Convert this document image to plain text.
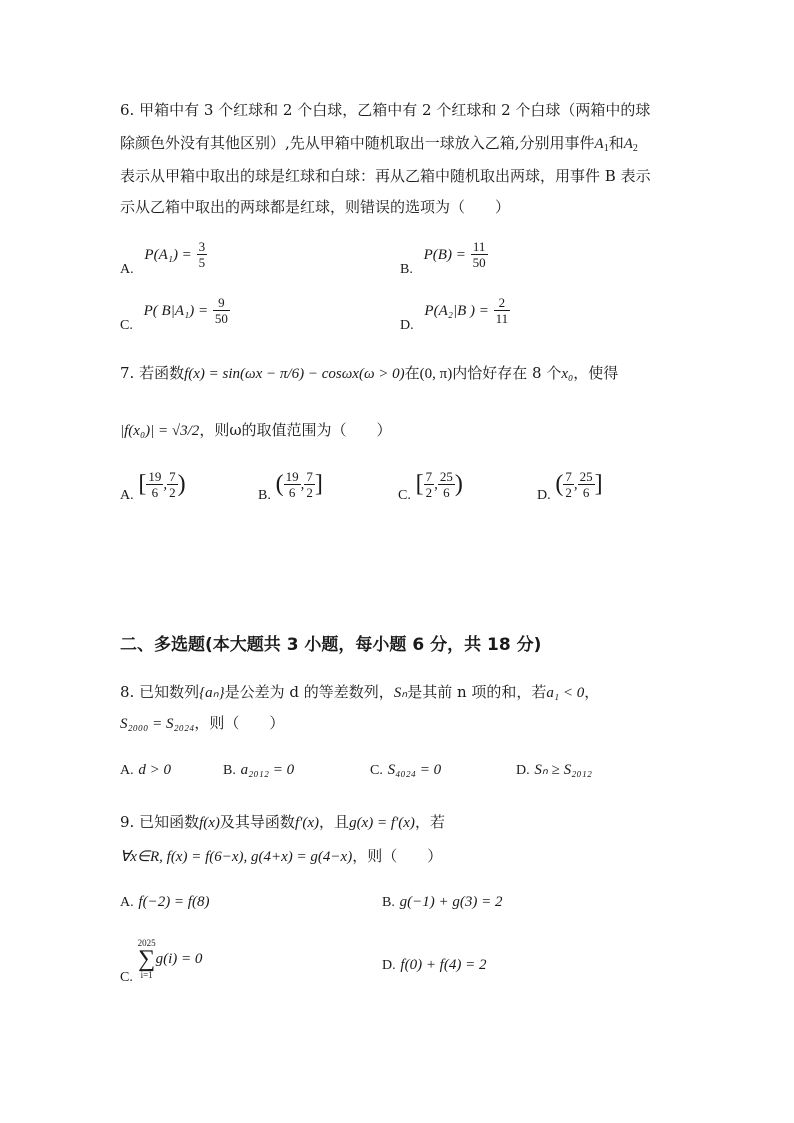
6. 甲箱中有 3 个红球和 2 个白球，乙箱中有 2 个红球和 2 个白球（两箱中的球
除颜色外没有其他区别）,先从甲箱中随机取出一球放入乙箱,分别用事件$A_1$和$A_2$
表示从甲箱中取出的球是红球和白球：再从乙箱中随机取出两球，用事件 B 表示
示从乙箱中取出的两球都是红球，则错误的选项为（　　）
A. $P(A_1) = \frac{3}{5}$	B. $P(B) = \frac{11}{50}$
C. P( $B|A_1) = \frac{9}{50}$	D. P(A₂|B ) = $\frac{2}{11}$
7. 若函数f(x) = sin(ωx − π/6) − cosωx(ω > 0)在(0, π)内恰好存在 8 个x₀，使得
|f(x₀)| = √3/2，则ω的取值范围为（　　）
A. [ $\frac{19}{6}$ , $\frac{7}{2}$ )	B. ( $\frac{19}{6}$ , $\frac{7}{2}$ ]	C. [ $\frac{7}{2}$ , $\frac{25}{6}$ )	D. ( $\frac{7}{2}$ , $\frac{25}{6}$ ]
二、多选题(本大题共 3 小题，每小题 6 分，共 18 分)
8. 已知数列{aₙ}是公差为 d 的等差数列，Sₙ是其前 n 项的和，若a₁ < 0，
S₂₀₀₀ = S₂₀₂₄，则（　　）
A. d > 0	B. a₂₀₁₂ = 0	C. S₄₀₂₄ = 0	D. Sₙ ≥ S₂₀₁₂
9. 已知函数f(x)及其导函数f′(x)，且g(x) = f′(x)，若
∀x∈R, f(x) = f(6−x), g(4+x) = g(4−x)，则（　　）
A. f(−2) = f(8)	B. g(−1) + g(3) = 2
C.
2025
∑
i=1
g(i) = 0	D. f(0) + f(4) = 2
